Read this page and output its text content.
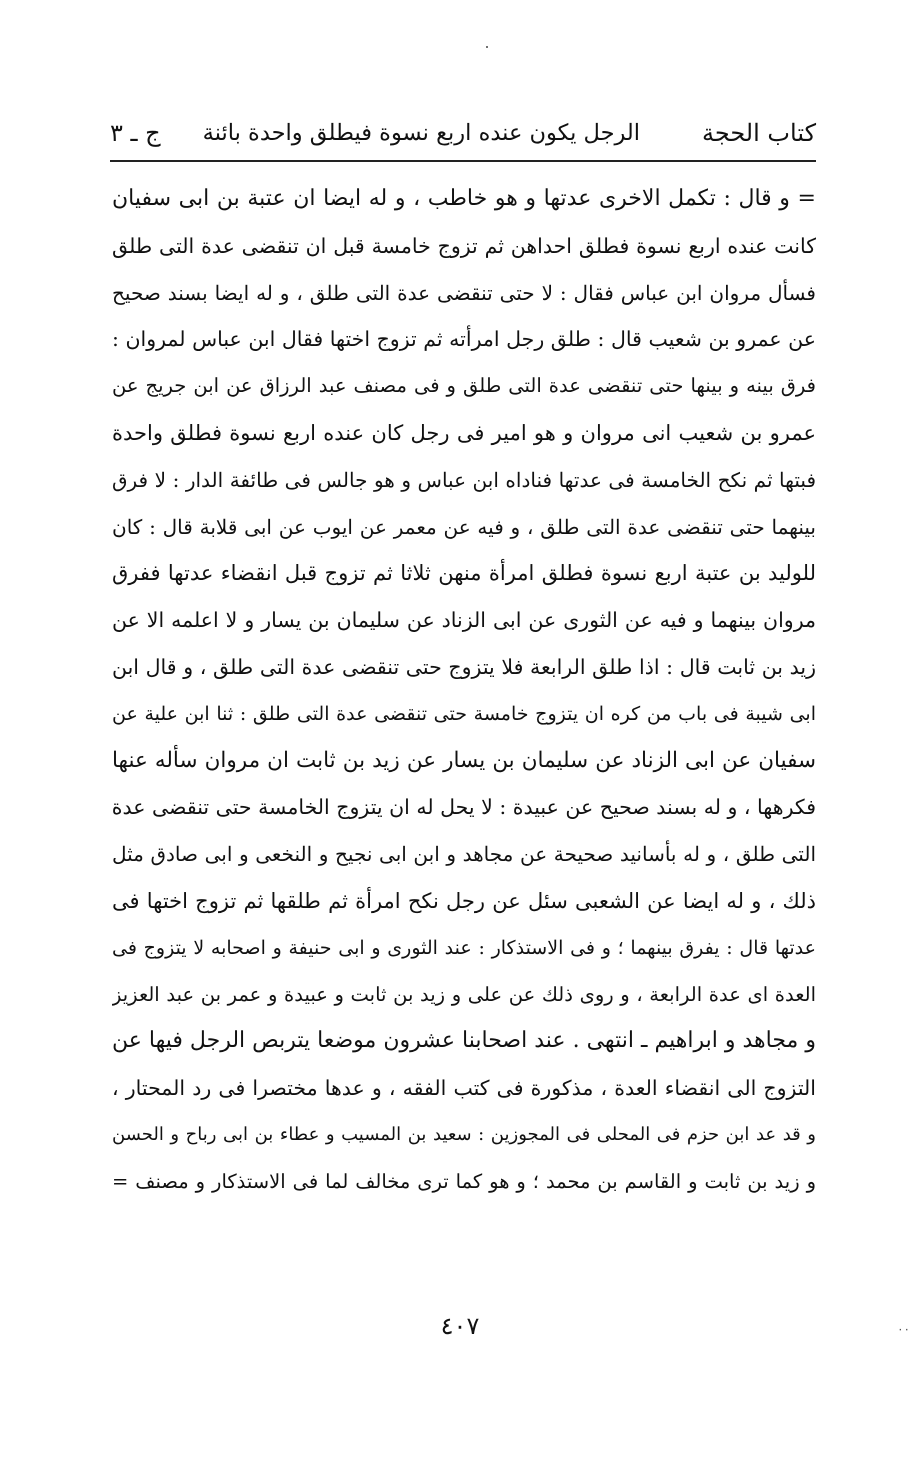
كتاب الحجة
الرجل يكون عنده اربع نسوة فيطلق واحدة بائنة
ج ـ ٣
= و قال : تكمل الاخرى عدتها و هو خاطب ، و له ايضا ان عتبة بن ابى سفيان
كانت عنده اربع نسوة فطلق احداهن ثم تزوج خامسة قبل ان تنقضى عدة التى طلق
فسأل مروان ابن عباس فقال : لا حتى تنقضى عدة التى طلق ، و له ايضا بسند صحيح
عن عمرو بن شعيب قال : طلق رجل امرأته ثم تزوج اختها فقال ابن عباس لمروان :
فرق بينه و بينها حتى تنقضى عدة التى طلق و فى مصنف عبد الرزاق عن ابن جريج عن
عمرو بن شعيب انى مروان و هو امير فى رجل كان عنده اربع نسوة فطلق واحدة
فبتها ثم نكح الخامسة فى عدتها فناداه ابن عباس و هو جالس فى طائفة الدار : لا فرق
بينهما حتى تنقضى عدة التى طلق ، و فيه عن معمر عن ايوب عن ابى قلابة قال : كان
للوليد بن عتبة اربع نسوة فطلق امرأة منهن ثلاثا ثم تزوج قبل انقضاء عدتها ففرق
مروان بينهما و فيه عن الثورى عن ابى الزناد عن سليمان بن يسار و لا اعلمه الا عن
زيد بن ثابت قال : اذا طلق الرابعة فلا يتزوج حتى تنقضى عدة التى طلق ، و قال ابن
ابى شيبة فى باب من كره ان يتزوج خامسة حتى تنقضى عدة التى طلق : ثنا ابن علية عن
سفيان عن ابى الزناد عن سليمان بن يسار عن زيد بن ثابت ان مروان سأله عنها
فكرهها ، و له بسند صحيح عن عبيدة : لا يحل له ان يتزوج الخامسة حتى تنقضى عدة
التى طلق ، و له بأسانيد صحيحة عن مجاهد و ابن ابى نجيح و النخعى و ابى صادق مثل
ذلك ، و له ايضا عن الشعبى سئل عن رجل نكح امرأة ثم طلقها ثم تزوج اختها فى
عدتها قال : يفرق بينهما ؛ و فى الاستذكار : عند الثورى و ابى حنيفة و اصحابه لا يتزوج فى
العدة اى عدة الرابعة ، و روى ذلك عن على و زيد بن ثابت و عبيدة و عمر بن عبد العزيز
و مجاهد و ابراهيم ـ انتهى . عند اصحابنا عشرون موضعا يتربص الرجل فيها عن
التزوج الى انقضاء العدة ، مذكورة فى كتب الفقه ، و عدها مختصرا فى رد المحتار ،
و قد عد ابن حزم فى المحلى فى المجوزين : سعيد بن المسيب و عطاء بن ابى رباح و الحسن
و زيد بن ثابت و القاسم بن محمد ؛ و هو كما ترى مخالف لما فى الاستذكار و مصنف =
٤٠٧	٠٠
